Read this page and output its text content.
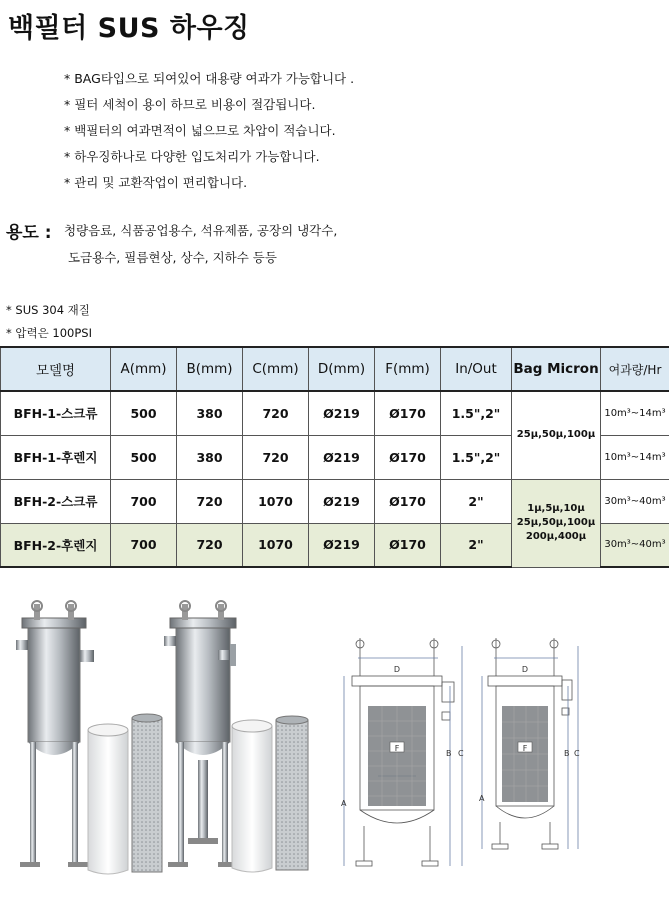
백필터 SUS 하우징
* BAG타입으로 되여있어 대용량 여과가 가능합니다 .
* 필터 세척이 용이 하므로 비용이 절감됩니다.
* 백필터의 여과면적이 넓으므로 차압이 적습니다.
* 하우징하나로 다양한 입도처리가 가능합니다.
* 관리 및 교환작업이 편리합니다.
용도 : 청량음료, 식품공업용수, 석유제품, 공장의 냉각수,
도금용수, 필름현상, 상수, 지하수 등등
* SUS 304 재질
* 압력은 100PSI
모델명	A(mm)	B(mm)	C(mm)	D(mm)	F(mm)	In/Out	Bag Micron	여과량/Hr
BFH-1-스크류	500	380	720	Ø219	Ø170	1.5",2"	25μ,50μ,100μ	10m³~14m³
BFH-1-후렌지	500	380	720	Ø219	Ø170	1.5",2"		10m³~14m³
BFH-2-스크류	700	720	1070	Ø219	Ø170	2"	1μ,5μ,10μ
25μ,50μ,100μ
200μ,400μ	30m³~40m³
BFH-2-후렌지	700	720	1070	Ø219	Ø170	2"		30m³~40m³
D
A
B C
F
D
A
B C
F
